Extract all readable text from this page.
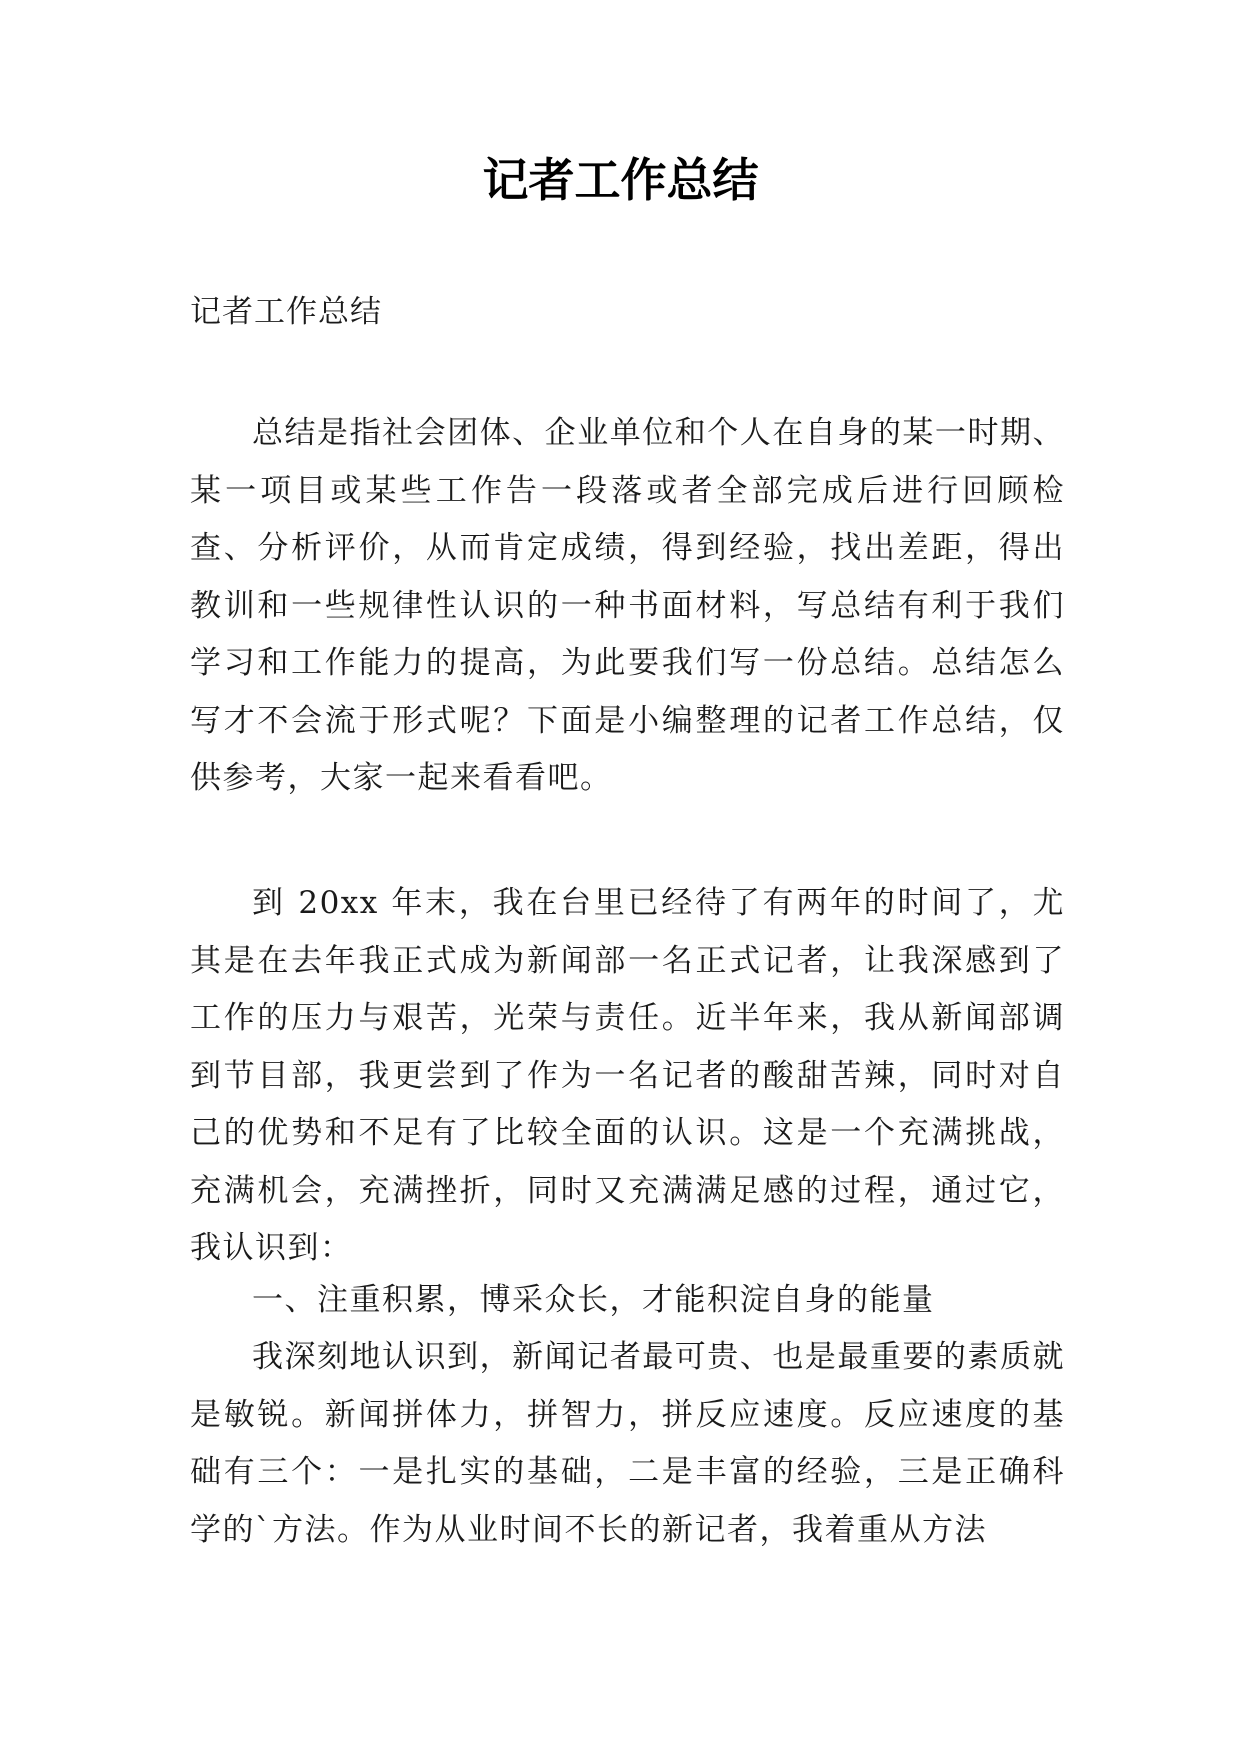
记者工作总结
记者工作总结

总结是指社会团体、企业单位和个人在自身的某一时期、某一项目或某些工作告一段落或者全部完成后进行回顾检查、分析评价，从而肯定成绩，得到经验，找出差距，得出教训和一些规律性认识的一种书面材料，写总结有利于我们学习和工作能力的提高，为此要我们写一份总结。总结怎么写才不会流于形式呢？下面是小编整理的记者工作总结，仅供参考，大家一起来看看吧。

到 20xx 年末，我在台里已经待了有两年的时间了，尤其是在去年我正式成为新闻部一名正式记者，让我深感到了工作的压力与艰苦，光荣与责任。近半年来，我从新闻部调到节目部，我更尝到了作为一名记者的酸甜苦辣，同时对自己的优势和不足有了比较全面的认识。这是一个充满挑战，充满机会，充满挫折，同时又充满满足感的过程，通过它，我认识到：

一、注重积累，博采众长，才能积淀自身的能量

我深刻地认识到，新闻记者最可贵、也是最重要的素质就是敏锐。新闻拼体力，拼智力，拼反应速度。反应速度的基础有三个：一是扎实的基础，二是丰富的经验，三是正确科学的`方法。作为从业时间不长的新记者，我着重从方法
